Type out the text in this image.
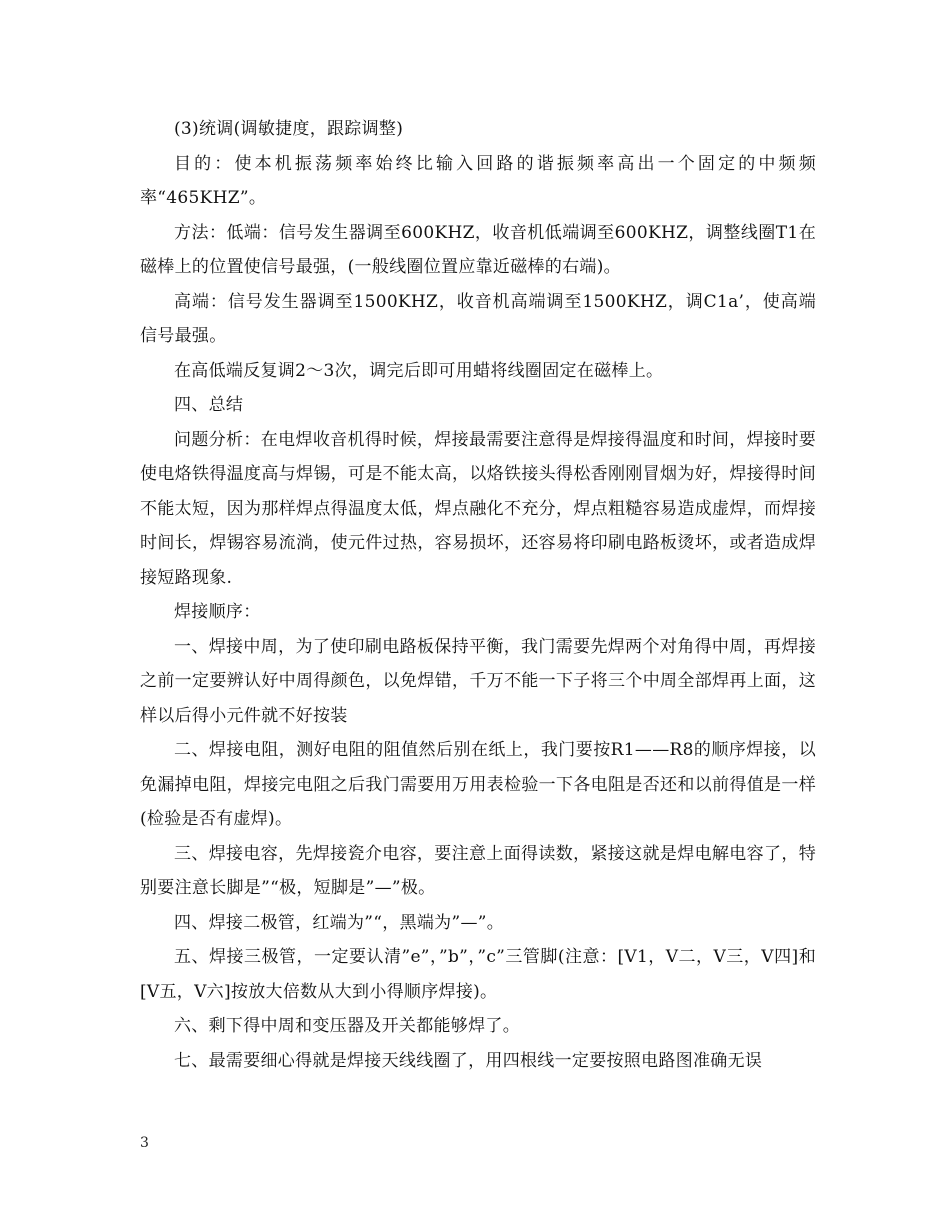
(3)统调(调敏捷度，跟踪调整)

目的：使本机振荡频率始终比输入回路的谐振频率高出一个固定的中频频率“465KHZ”。

方法：低端：信号发生器调至600KHZ，收音机低端调至600KHZ，调整线圈T1在磁棒上的位置使信号最强，(一般线圈位置应靠近磁棒的右端)。

高端：信号发生器调至1500KHZ，收音机高端调至1500KHZ，调C1a’，使高端信号最强。

在高低端反复调2～3次，调完后即可用蜡将线圈固定在磁棒上。

四、总结

问题分析：在电焊收音机得时候，焊接最需要注意得是焊接得温度和时间，焊接时要使电烙铁得温度高与焊锡，可是不能太高，以烙铁接头得松香刚刚冒烟为好，焊接得时间不能太短，因为那样焊点得温度太低，焊点融化不充分，焊点粗糙容易造成虚焊，而焊接时间长，焊锡容易流淌，使元件过热，容易损坏，还容易将印刷电路板烫坏，或者造成焊接短路现象.

焊接顺序：

一、焊接中周，为了使印刷电路板保持平衡，我门需要先焊两个对角得中周，再焊接之前一定要辨认好中周得颜色，以免焊错，千万不能一下子将三个中周全部焊再上面，这样以后得小元件就不好按装

二、焊接电阻，测好电阻的阻值然后别在纸上，我门要按R1——R8的顺序焊接，以免漏掉电阻，焊接完电阻之后我门需要用万用表检验一下各电阻是否还和以前得值是一样(检验是否有虚焊)。

三、焊接电容，先焊接瓷介电容，要注意上面得读数，紧接这就是焊电解电容了，特别要注意长脚是”“极，短脚是”—”极。

四、焊接二极管，红端为”“，黑端为”—”。

五、焊接三极管，一定要认清”e”，”b”，”c”三管脚(注意：[V1，V二，V三，V四]和[V五，V六]按放大倍数从大到小得顺序焊接)。

六、剩下得中周和变压器及开关都能够焊了。

七、最需要细心得就是焊接天线线圈了，用四根线一定要按照电路图准确无误

3
